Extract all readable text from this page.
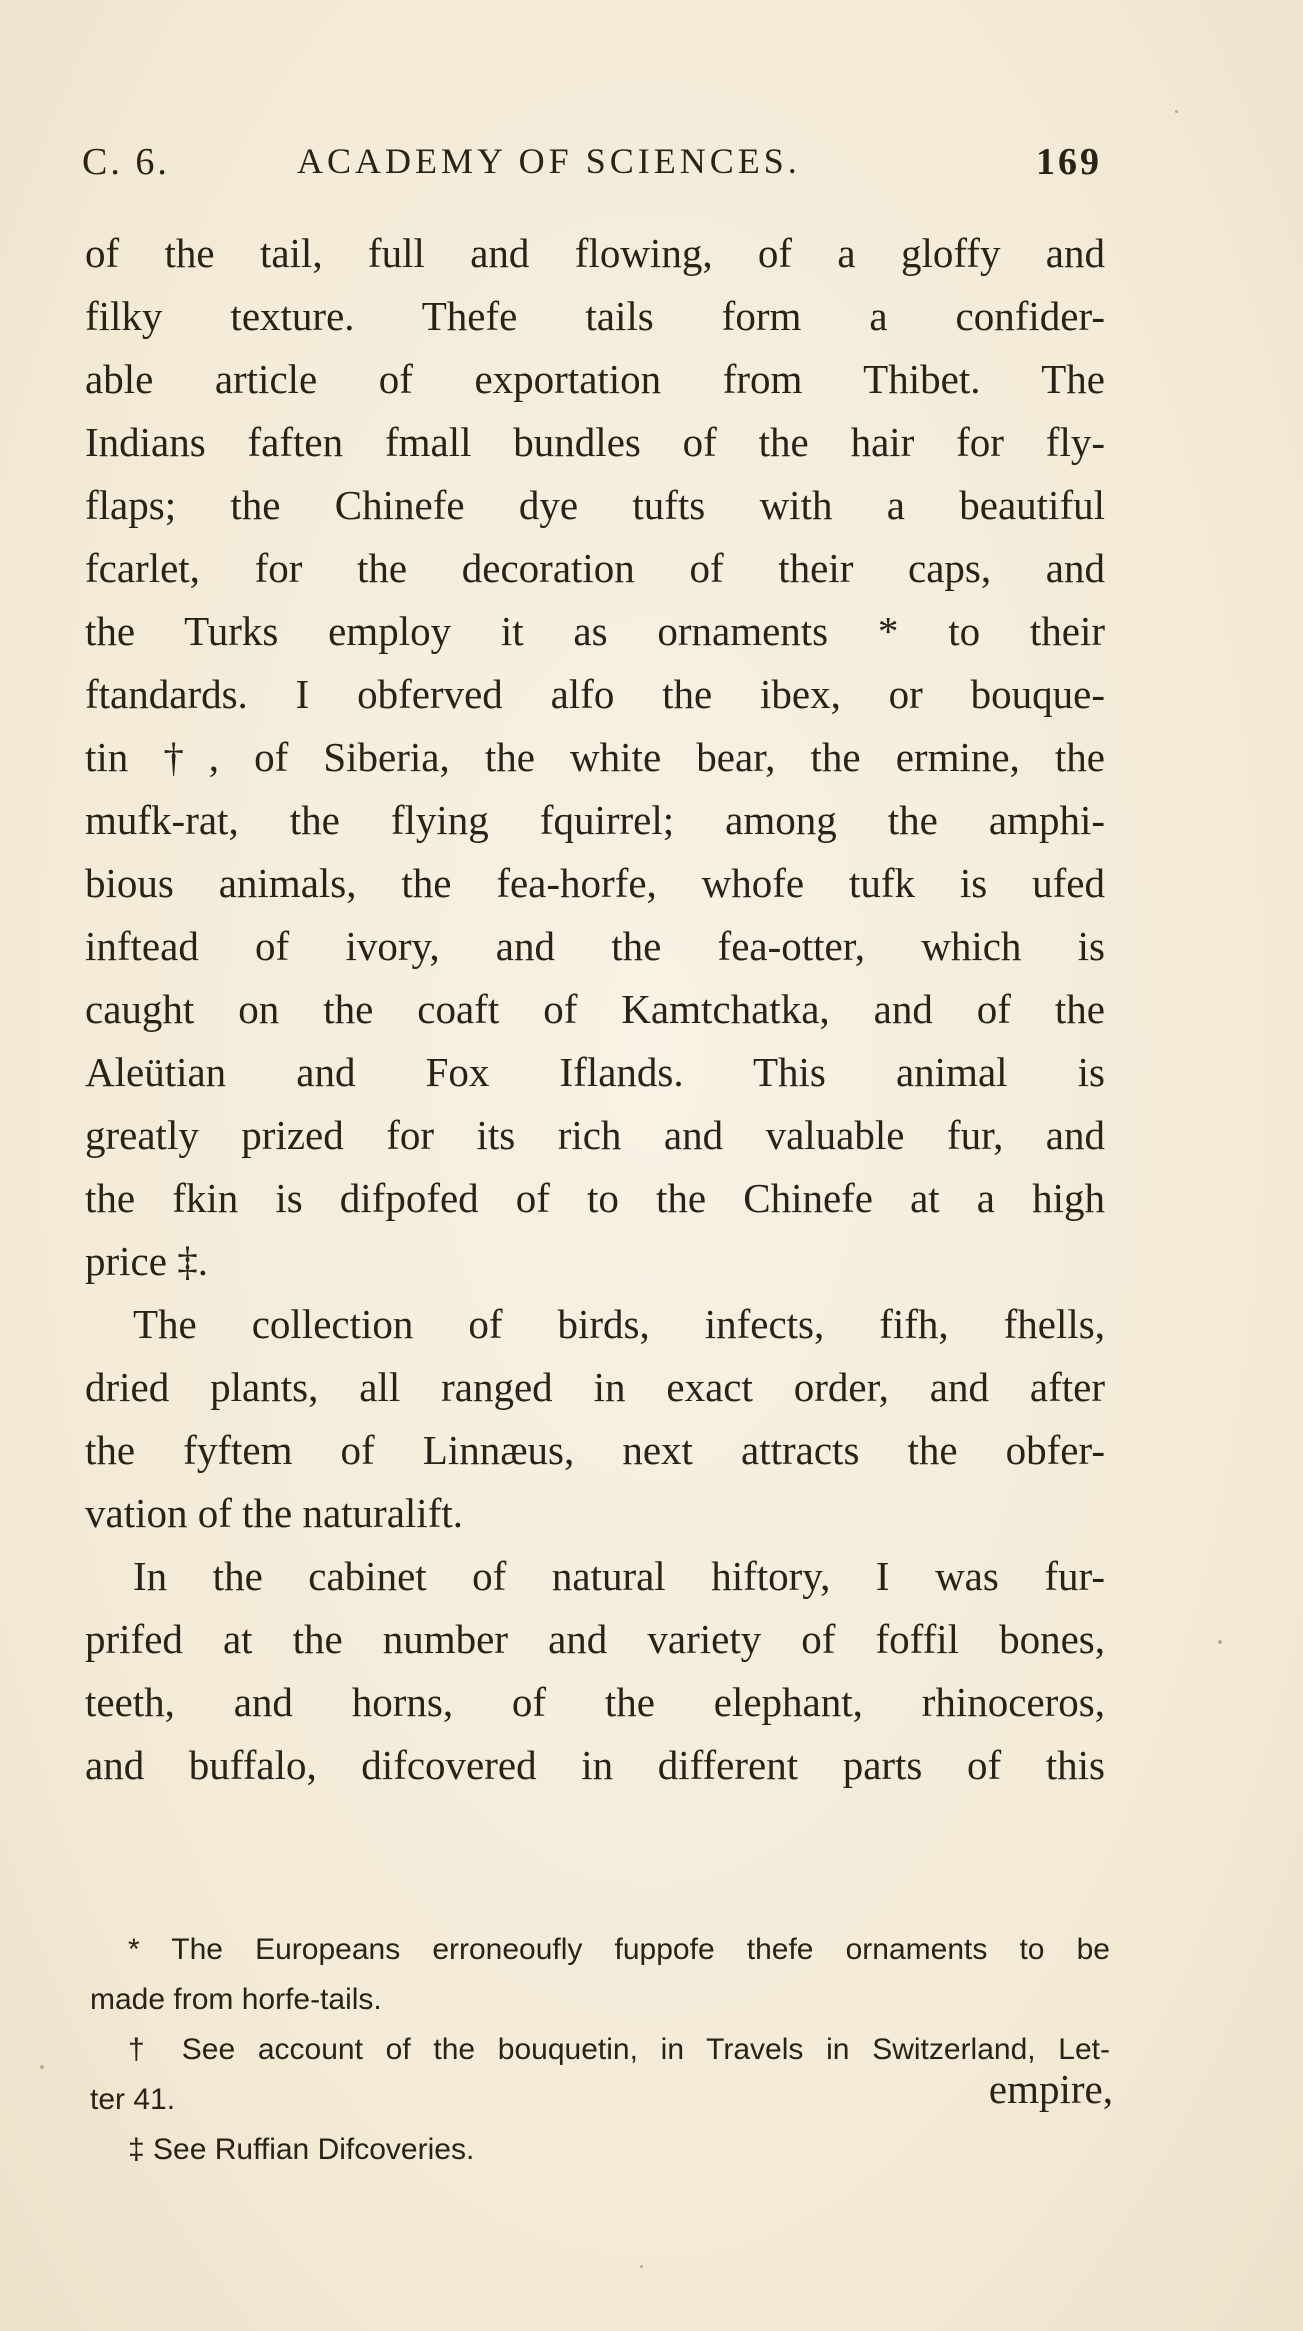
C. 6.	ACADEMY OF SCIENCES.	169
of the tail, full and flowing, of a gloffy and
filky texture. Thefe tails form a confider-
able article of exportation from Thibet. The
Indians faften fmall bundles of the hair for fly-
flaps; the Chinefe dye tufts with a beautiful
fcarlet, for the decoration of their caps, and
the Turks employ it as ornaments * to their
ftandards. I obferved alfo the ibex, or bouque-
tin †, of Siberia, the white bear, the ermine, the
mufk-rat, the flying fquirrel; among the amphi-
bious animals, the fea-horfe, whofe tufk is ufed
inftead of ivory, and the fea-otter, which is
caught on the coaft of Kamtchatka, and of the
Aleütian and Fox Iflands. This animal is
greatly prized for its rich and valuable fur, and
the fkin is difpofed of to the Chinefe at a high
price ‡.
The collection of birds, infects, fifh, fhells,
dried plants, all ranged in exact order, and after
the fyftem of Linnæus, next attracts the obfer-
vation of the naturalift.
In the cabinet of natural hiftory, I was fur-
prifed at the number and variety of foffil bones,
teeth, and horns, of the elephant, rhinoceros,
and buffalo, difcovered in different parts of this
* The Europeans erroneoufly fuppofe thefe ornaments to be
made from horfe-tails.
† See account of the bouquetin, in Travels in Switzerland, Let-
ter 41.
‡ See Ruffian Difcoveries.
empire,
